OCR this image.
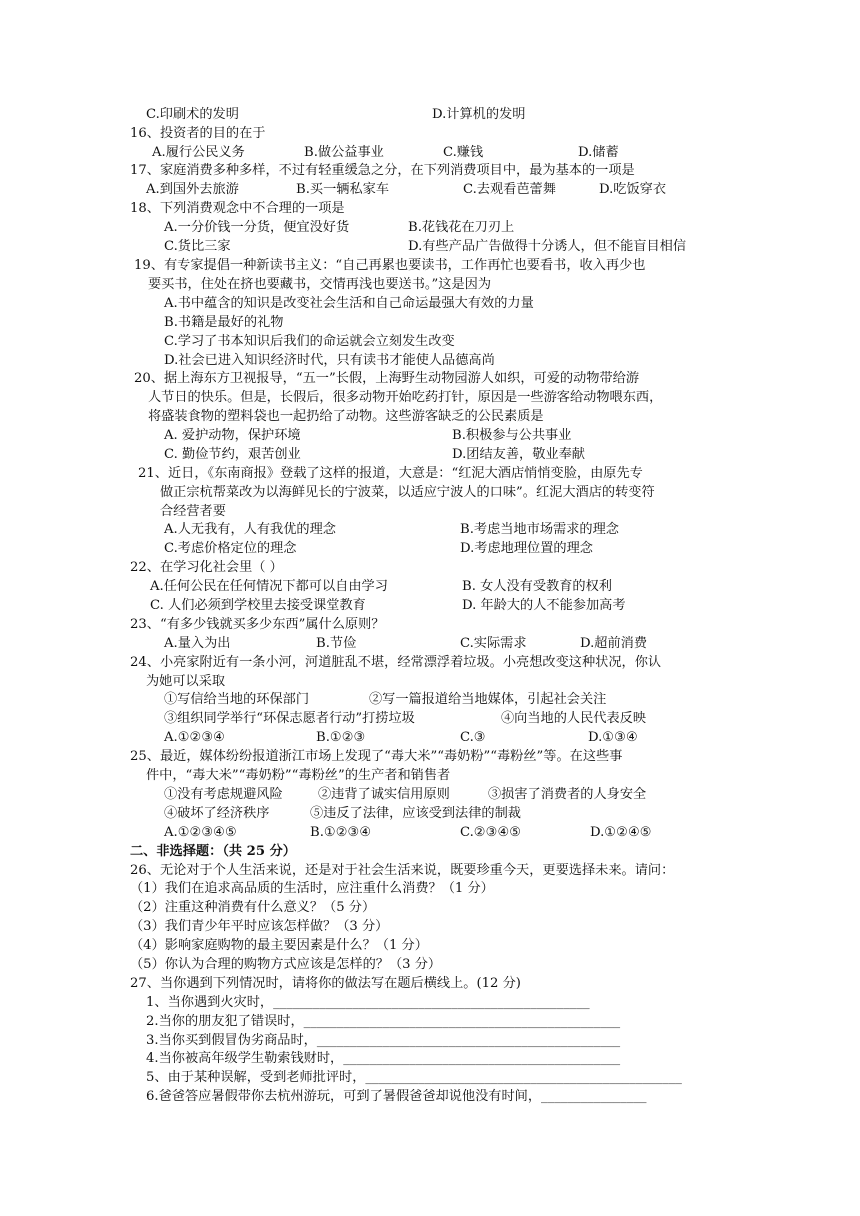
C.印刷术的发明	D.计算机的发明
16、投资者的目的在于
A.履行公民义务	B.做公益事业	C.赚钱	D.储蓄
17、家庭消费多种多样，不过有轻重缓急之分，在下列消费项目中，最为基本的一项是
A.到国外去旅游	B.买一辆私家车	C.去观看芭蕾舞	D.吃饭穿衣
18、下列消费观念中不合理的一项是
A.一分价钱一分货，便宜没好货	B.花钱花在刀刃上
C.货比三家	D.有些产品广告做得十分诱人，但不能盲目相信
19、有专家提倡一种新读书主义：“自己再累也要读书，工作再忙也要看书，收入再少也
要买书，住处在挤也要藏书，交情再浅也要送书。”这是因为
A.书中蕴含的知识是改变社会生活和自己命运最强大有效的力量
B.书籍是最好的礼物
C.学习了书本知识后我们的命运就会立刻发生改变
D.社会已进入知识经济时代，只有读书才能使人品德高尚
20、据上海东方卫视报导，“五一”长假，上海野生动物园游人如织，可爱的动物带给游
人节日的快乐。但是，长假后，很多动物开始吃药打针，原因是一些游客给动物喂东西，
将盛装食物的塑料袋也一起扔给了动物。这些游客缺乏的公民素质是
A. 爱护动物，保护环境	B.积极参与公共事业
C. 勤俭节约，艰苦创业	D.团结友善，敬业奉献
21、近日，《东南商报》登载了这样的报道，大意是：“红泥大酒店悄悄变脸，由原先专
做正宗杭帮菜改为以海鲜见长的宁波菜，以适应宁波人的口味”。红泥大酒店的转变符
合经营者要
A.人无我有，人有我优的理念	B.考虑当地市场需求的理念
C.考虑价格定位的理念	D.考虑地理位置的理念
22、在学习化社会里（ ）
A.任何公民在任何情况下都可以自由学习	B. 女人没有受教育的权利
C. 人们必须到学校里去接受课堂教育	D. 年龄大的人不能参加高考
23、“有多少钱就买多少东西”属什么原则？
A.量入为出	B.节俭	C.实际需求	D.超前消费
24、小亮家附近有一条小河，河道脏乱不堪，经常漂浮着垃圾。小亮想改变这种状况，你认
为她可以采取
①写信给当地的环保部门	②写一篇报道给当地媒体，引起社会关注
③组织同学举行“环保志愿者行动”打捞垃圾	④向当地的人民代表反映
A.①②③④	B.①②③	C.③	D.①③④
25、最近，媒体纷纷报道浙江市场上发现了“毒大米”“毒奶粉”“毒粉丝”等。在这些事
件中，“毒大米”“毒奶粉”“毒粉丝”的生产者和销售者
①没有考虑规避风险	②违背了诚实信用原则	③损害了消费者的人身安全
④破坏了经济秩序	⑤违反了法律，应该受到法律的制裁
A.①②③④⑤	B.①②③④	C.②③④⑤	D.①②④⑤
二、非选择题：（共 25 分）
26、无论对于个人生活来说，还是对于社会生活来说，既要珍重今天，更要选择未来。请问：
（1）我们在追求高品质的生活时，应注重什么消费？（1 分）
（2）注重这种消费有什么意义？（5 分）
（3）我们青少年平时应该怎样做？（3 分）
（4）影响家庭购物的最主要因素是什么？（1 分）
（5）你认为合理的购物方式应该是怎样的？（3 分）
27、当你遇到下列情况时，请将你的做法写在题后横线上。(12 分)
1、当你遇到火灾时，________________________________________________
2.当你的朋友犯了错误时，________________________________________________
3.当你买到假冒伪劣商品时，______________________________________________
4.当你被高年级学生勒索钱财时，__________________________________________
5、由于某种误解，受到老师批评时，________________________________________________
6.爸爸答应暑假带你去杭州游玩，可到了暑假爸爸却说他没有时间，________________
